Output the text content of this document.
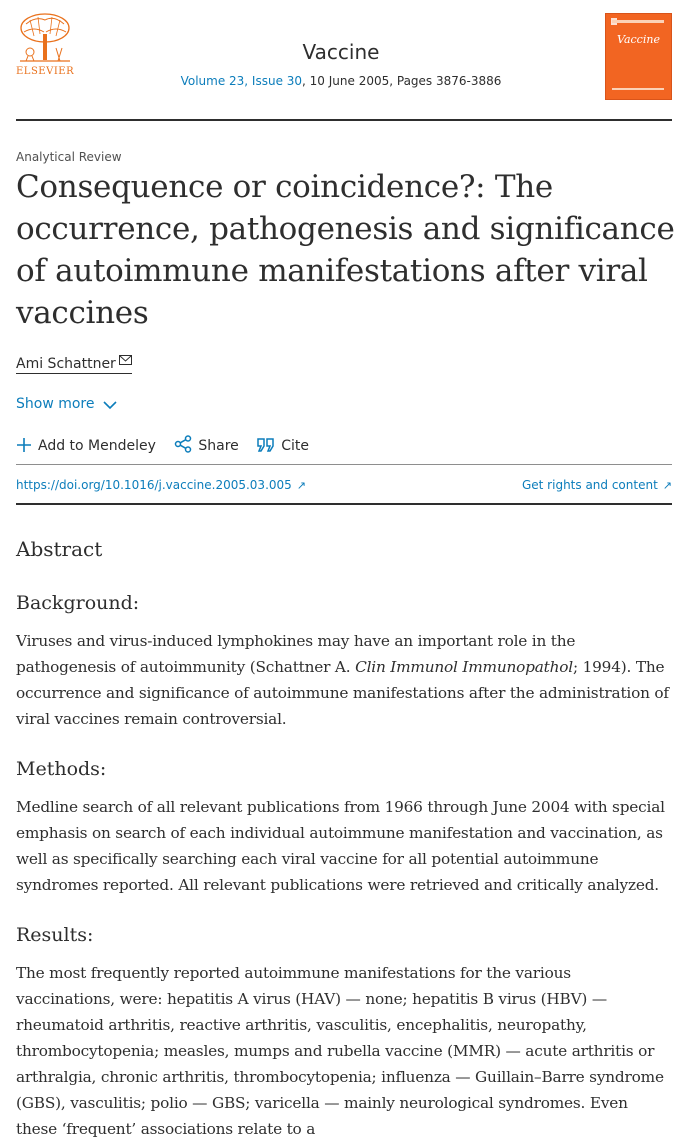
ELSEVIER
Vaccine
Volume 23, Issue 30, 10 June 2005, Pages 3876-3886
Vaccine
Analytical Review
Consequence or coincidence?: The occurrence, pathogenesis and significance of autoimmune manifestations after viral vaccines
Ami Schattner
Show more
Add to Mendeley	Share	Cite
https://doi.org/10.1016/j.vaccine.2005.03.005 ↗	Get rights and content ↗
Abstract
Background:

Viruses and virus-induced lymphokines may have an important role in the pathogenesis of autoimmunity (Schattner A. Clin Immunol Immunopathol; 1994). The occurrence and significance of autoimmune manifestations after the administration of viral vaccines remain controversial.

Methods:

Medline search of all relevant publications from 1966 through June 2004 with special emphasis on search of each individual autoimmune manifestation and vaccination, as well as specifically searching each viral vaccine for all potential autoimmune syndromes reported. All relevant publications were retrieved and critically analyzed.

Results:

The most frequently reported autoimmune manifestations for the various vaccinations, were: hepatitis A virus (HAV) — none; hepatitis B virus (HBV) — rheumatoid arthritis, reactive arthritis, vasculitis, encephalitis, neuropathy, thrombocytopenia; measles, mumps and rubella vaccine (MMR) — acute arthritis or arthralgia, chronic arthritis, thrombocytopenia; influenza — Guillain–Barre syndrome (GBS), vasculitis; polio — GBS; varicella — mainly neurological syndromes. Even these ‘frequent’ associations relate to a
